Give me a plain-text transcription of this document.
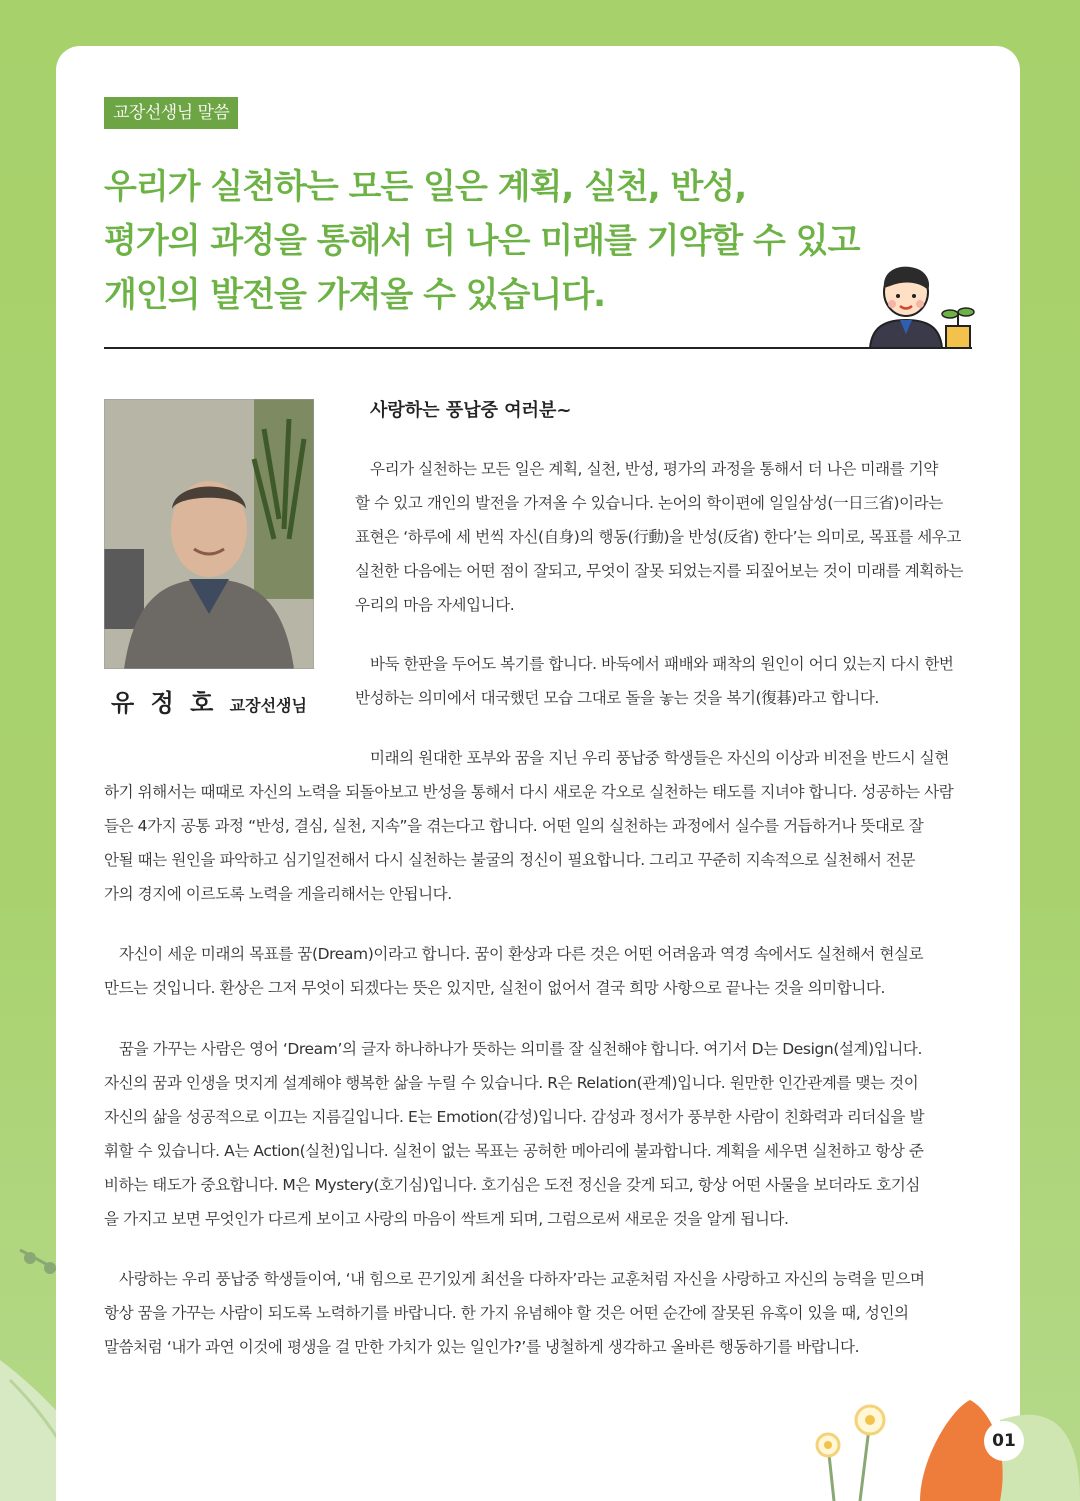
교장선생님 말씀
우리가 실천하는 모든 일은 계획, 실천, 반성,
평가의 과정을 통해서 더 나은 미래를 기약할 수 있고
개인의 발전을 가져올 수 있습니다.
유 정 호 교장선생님
사랑하는 풍납중 여러분~
우리가 실천하는 모든 일은 계획, 실천, 반성, 평가의 과정을 통해서 더 나은 미래를 기약
할 수 있고 개인의 발전을 가져올 수 있습니다. 논어의 학이편에 일일삼성(一日三省)이라는
표현은 ‘하루에 세 번씩 자신(自身)의 행동(行動)을 반성(反省) 한다’는 의미로, 목표를 세우고
실천한 다음에는 어떤 점이 잘되고, 무엇이 잘못 되었는지를 되짚어보는 것이 미래를 계획하는
우리의 마음 자세입니다.
바둑 한판을 두어도 복기를 합니다. 바둑에서 패배와 패착의 원인이 어디 있는지 다시 한번
반성하는 의미에서 대국했던 모습 그대로 돌을 놓는 것을 복기(復碁)라고 합니다.
미래의 원대한 포부와 꿈을 지닌 우리 풍납중 학생들은 자신의 이상과 비전을 반드시 실현
하기 위해서는 때때로 자신의 노력을 되돌아보고 반성을 통해서 다시 새로운 각오로 실천하는 태도를 지녀야 합니다. 성공하는 사람
들은 4가지 공통 과정 “반성, 결심, 실천, 지속”을 겪는다고 합니다. 어떤 일의 실천하는 과정에서 실수를 거듭하거나 뜻대로 잘
안될 때는 원인을 파악하고 심기일전해서 다시 실천하는 불굴의 정신이 필요합니다. 그리고 꾸준히 지속적으로 실천해서 전문
가의 경지에 이르도록 노력을 게을리해서는 안됩니다.
자신이 세운 미래의 목표를 꿈(Dream)이라고 합니다. 꿈이 환상과 다른 것은 어떤 어려움과 역경 속에서도 실천해서 현실로
만드는 것입니다. 환상은 그저 무엇이 되겠다는 뜻은 있지만, 실천이 없어서 결국 희망 사항으로 끝나는 것을 의미합니다.
꿈을 가꾸는 사람은 영어 ‘Dream’의 글자 하나하나가 뜻하는 의미를 잘 실천해야 합니다. 여기서 D는 Design(설계)입니다.
자신의 꿈과 인생을 멋지게 설계해야 행복한 삶을 누릴 수 있습니다. R은 Relation(관계)입니다. 원만한 인간관계를 맺는 것이
자신의 삶을 성공적으로 이끄는 지름길입니다. E는 Emotion(감성)입니다. 감성과 정서가 풍부한 사람이 친화력과 리더십을 발
휘할 수 있습니다. A는 Action(실천)입니다. 실천이 없는 목표는 공허한 메아리에 불과합니다. 계획을 세우면 실천하고 항상 준
비하는 태도가 중요합니다. M은 Mystery(호기심)입니다. 호기심은 도전 정신을 갖게 되고, 항상 어떤 사물을 보더라도 호기심
을 가지고 보면 무엇인가 다르게 보이고 사랑의 마음이 싹트게 되며, 그럼으로써 새로운 것을 알게 됩니다.
사랑하는 우리 풍납중 학생들이여, ‘내 힘으로 끈기있게 최선을 다하자’라는 교훈처럼 자신을 사랑하고 자신의 능력을 믿으며
항상 꿈을 가꾸는 사람이 되도록 노력하기를 바랍니다. 한 가지 유념해야 할 것은 어떤 순간에 잘못된 유혹이 있을 때, 성인의
말씀처럼 ‘내가 과연 이것에 평생을 걸 만한 가치가 있는 일인가?’를 냉철하게 생각하고 올바른 행동하기를 바랍니다.
01
